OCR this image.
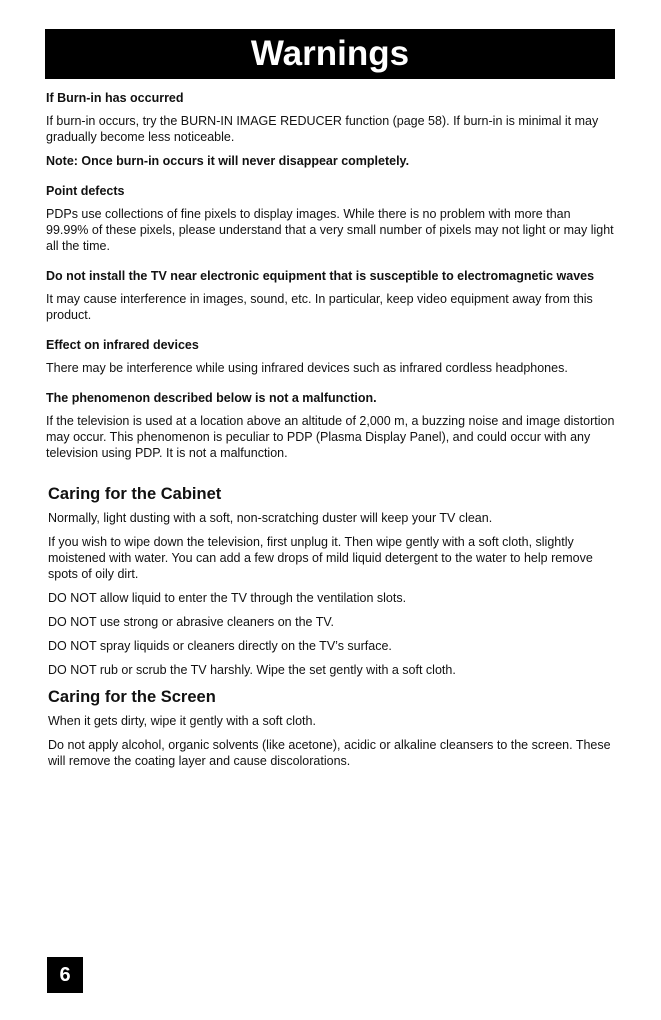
Warnings
If Burn-in has occurred
If burn-in occurs, try the BURN-IN IMAGE REDUCER function (page 58). If burn-in is minimal it may gradually become less noticeable.
Note: Once burn-in occurs it will never disappear completely.
Point defects
PDPs use collections of fine pixels to display images. While there is no problem with more than 99.99% of these pixels, please understand that a very small number of pixels may not light or may light all the time.
Do not install the TV near electronic equipment that is susceptible to electromagnetic waves
It may cause interference in images, sound, etc. In particular, keep video equipment away from this product.
Effect on infrared devices
There may be interference while using infrared devices such as infrared cordless headphones.
The phenomenon described below is not a malfunction.
If the television is used at a location above an altitude of 2,000 m, a buzzing noise and image distortion may occur. This phenomenon is peculiar to PDP (Plasma Display Panel), and could occur with any television using PDP. It is not a malfunction.
Caring for the Cabinet
Normally, light dusting with a soft, non-scratching duster will keep your TV clean.
If you wish to wipe down the television, first unplug it. Then wipe gently with a soft cloth, slightly moistened with water. You can add a few drops of mild liquid detergent to the water to help remove spots of oily dirt.
DO NOT allow liquid to enter the TV through the ventilation slots.
DO NOT use strong or abrasive cleaners on the TV.
DO NOT spray liquids or cleaners directly on the TV’s surface.
DO NOT rub or scrub the TV harshly. Wipe the set gently with a soft cloth.
Caring for the Screen
When it gets dirty, wipe it gently with a soft cloth.
Do not apply alcohol, organic solvents (like acetone), acidic or alkaline cleansers to the screen. These will remove the coating layer and cause discolorations.
6
